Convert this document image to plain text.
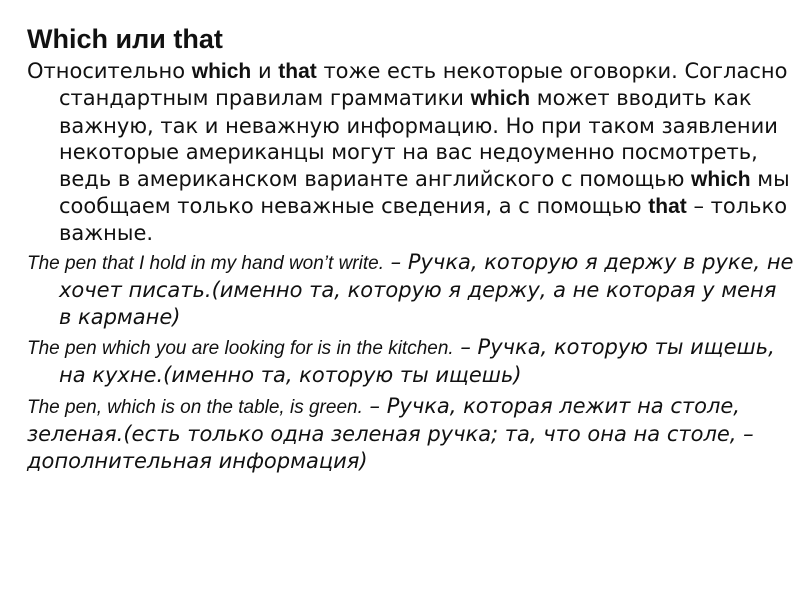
Which или that

Относительно which и that тоже есть некоторые оговорки. Согласно стандартным правилам грамматики which может вводить как важную, так и неважную информацию. Но при таком заявлении некоторые американцы могут на вас недоуменно посмотреть, ведь в американском варианте английского с помощью which мы сообщаем только неважные сведения, а с помощью that – только важные.

The pen that I hold in my hand won’t write. – Ручка, которую я держу в руке, не хочет писать.(именно та, которую я держу, а не которая у меня в кармане)

The pen which you are looking for is in the kitchen. – Ручка, которую ты ищешь, на кухне.(именно та, которую ты ищешь)

The pen, which is on the table, is green. – Ручка, которая лежит на столе, зеленая.(есть только одна зеленая ручка; та, что она на столе, – дополнительная информация)
